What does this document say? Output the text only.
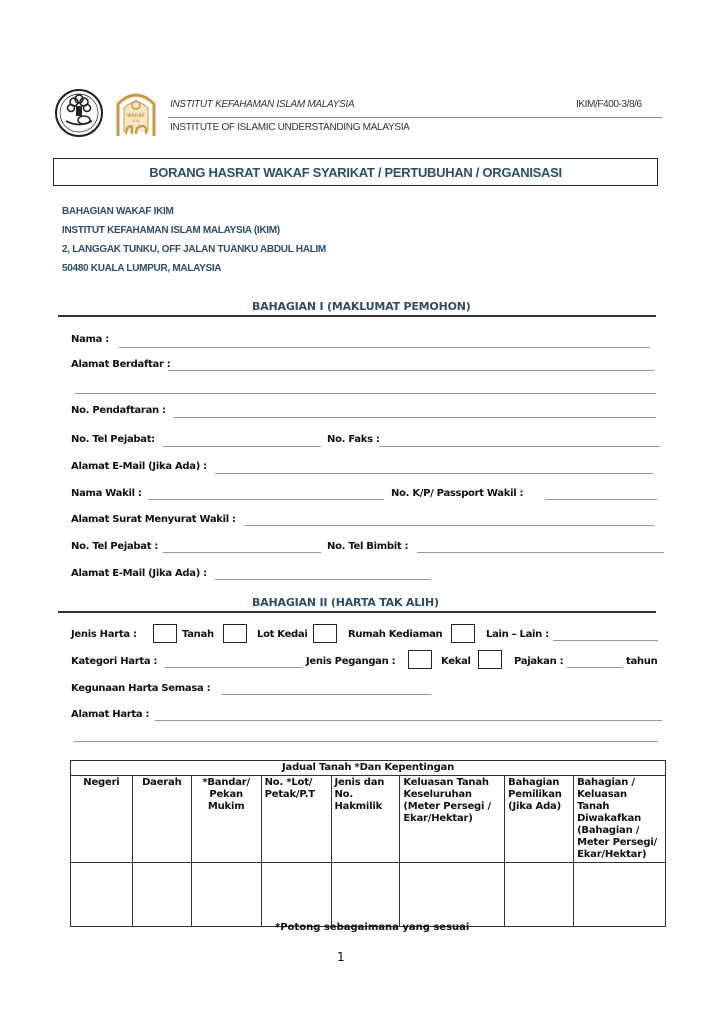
WAKAF
IKIM
INSTITUT KEFAHAMAN ISLAM MALAYSIA	IKIM/F400-3/8/6
INSTITUTE OF ISLAMIC UNDERSTANDING MALAYSIA
BORANG HASRAT WAKAF SYARIKAT / PERTUBUHAN / ORGANISASI
BAHAGIAN WAKAF IKIM
INSTITUT KEFAHAMAN ISLAM MALAYSIA (IKIM)
2, LANGGAK TUNKU, OFF JALAN TUANKU ABDUL HALIM
50480 KUALA LUMPUR, MALAYSIA
BAHAGIAN I (MAKLUMAT PEMOHON)
Nama :
Alamat Berdaftar :
No. Pendaftaran :
No. Tel Pejabat:	No. Faks :
Alamat E-Mail (Jika Ada) :
Nama Wakil :	No. K/P/ Passport Wakil :
Alamat Surat Menyurat Wakil :
No. Tel Pejabat :	No. Tel Bimbit :
Alamat E-Mail (Jika Ada) :
BAHAGIAN II (HARTA TAK ALIH)
Jenis Harta :	Tanah	Lot Kedai	Rumah Kediaman	Lain – Lain :
Kategori Harta :	Jenis Pegangan :	Kekal	Pajakan :	tahun
Kegunaan Harta Semasa :
Alamat Harta :
Jadual Tanah *Dan Kepentingan							
Negeri	Daerah	*Bandar/ Pekan Mukim	No. *Lot/ Petak/P.T	Jenis dan No. Hakmilik	Keluasan Tanah Keseluruhan (Meter Persegi / Ekar/Hektar)	Bahagian Pemilikan (Jika Ada)	Bahagian / Keluasan Tanah Diwakafkan (Bahagian / Meter Persegi/ Ekar/Hektar)

*Potong sebagaimana yang sesuai
1
